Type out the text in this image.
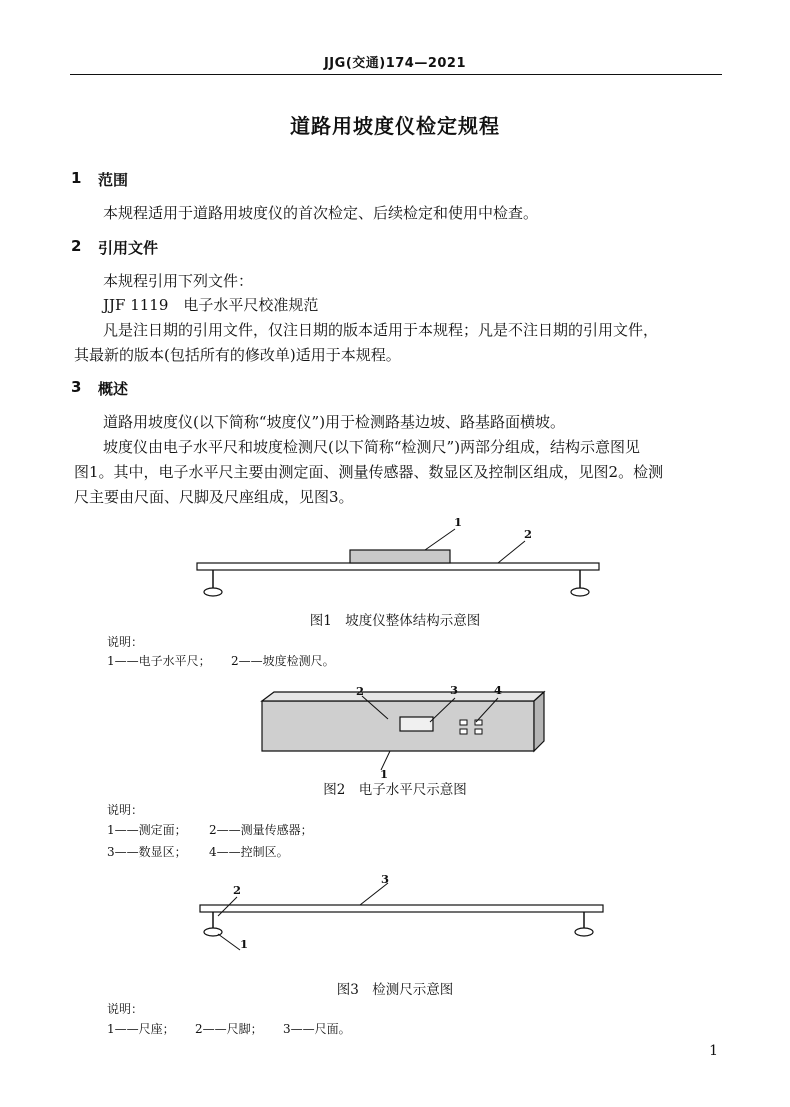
JJG(交通)174—2021
道路用坡度仪检定规程
1 范围
本规程适用于道路用坡度仪的首次检定、后续检定和使用中检查。
2 引用文件
本规程引用下列文件：
JJF 1119　电子水平尺校准规范
凡是注日期的引用文件，仅注日期的版本适用于本规程；凡是不注日期的引用文件，
其最新的版本(包括所有的修改单)适用于本规程。
3 概述
道路用坡度仪(以下简称“坡度仪”)用于检测路基边坡、路基路面横坡。
坡度仪由电子水平尺和坡度检测尺(以下简称“检测尺”)两部分组成，结构示意图见
图1。其中，电子水平尺主要由测定面、测量传感器、数显区及控制区组成，见图2。检测
尺主要由尺面、尺脚及尺座组成，见图3。
1
2
图1　坡度仪整体结构示意图
说明：
1——电子水平尺； 2——坡度检测尺。
2	3	4
1
图2　电子水平尺示意图
说明：
1——测定面； 2——测量传感器；
3——数显区； 4——控制区。
2
3
1
图3　检测尺示意图
说明：
1——尺座； 2——尺脚； 3——尺面。
1
